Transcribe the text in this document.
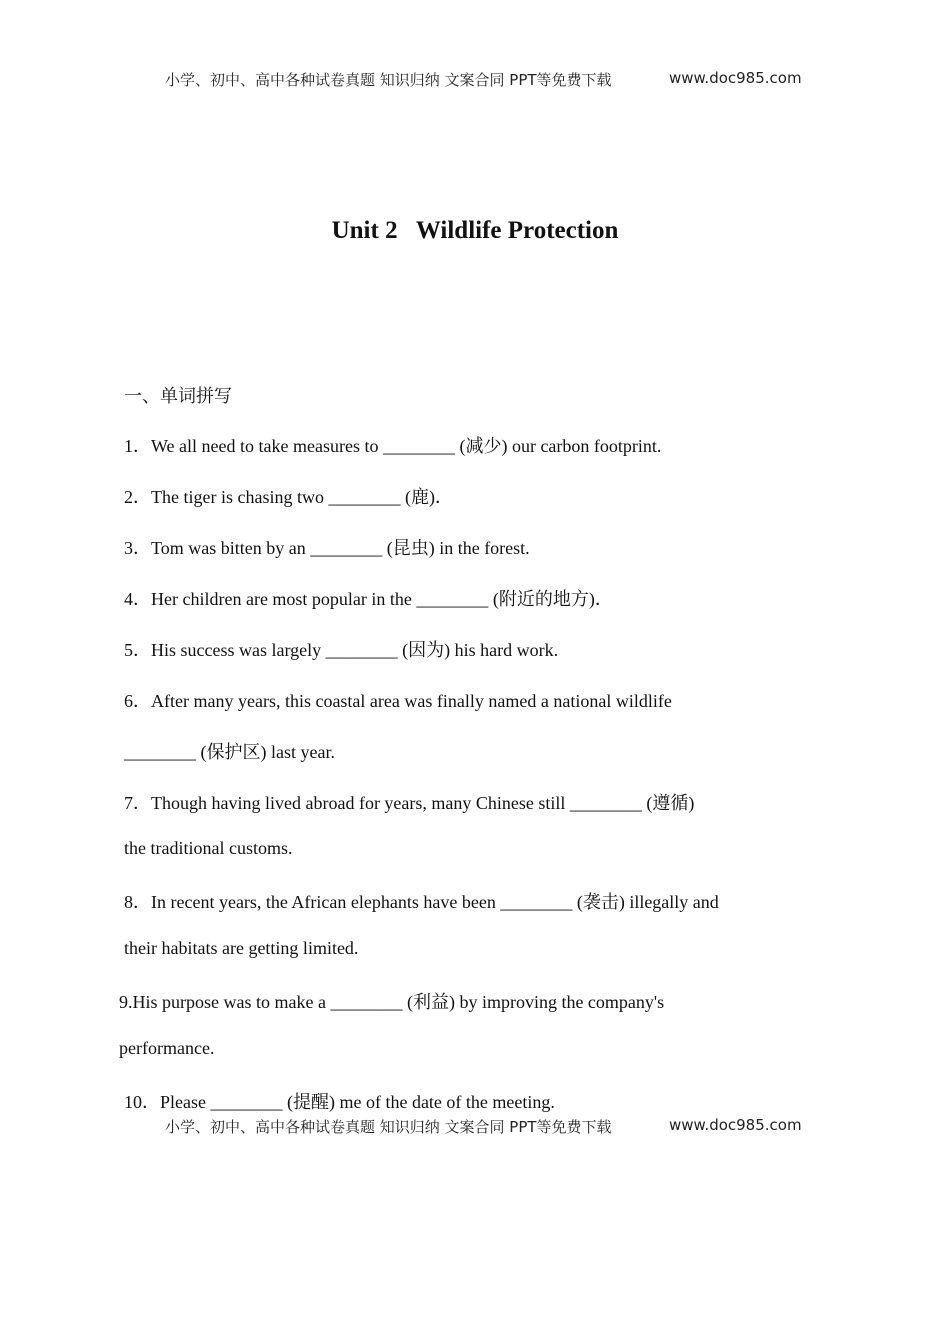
小学、初中、高中各种试卷真题 知识归纳 文案合同 PPT等免费下载	www.doc985.com
Unit 2   Wildlife Protection
一、单词拼写
1．We all need to take measures to ________ (减少) our carbon footprint.
2．The tiger is chasing two ________ (鹿)．
3．Tom was bitten by an ________ (昆虫) in the forest.
4．Her children are most popular in the ________ (附近的地方)．
5．His success was largely ________ (因为) his hard work.
6．After many years, this coastal area was finally named a national wildlife
________ (保护区) last year.
7．Though having lived abroad for years, many Chinese still ________ (遵循)
the traditional customs.
8．In recent years, the African elephants have been ________ (袭击) illegally and
their habitats are getting limited.
9.His purpose was to make a ________ (利益) by improving the company's
performance.
10．Please ________ (提醒) me of the date of the meeting.
小学、初中、高中各种试卷真题 知识归纳 文案合同 PPT等免费下载	www.doc985.com
